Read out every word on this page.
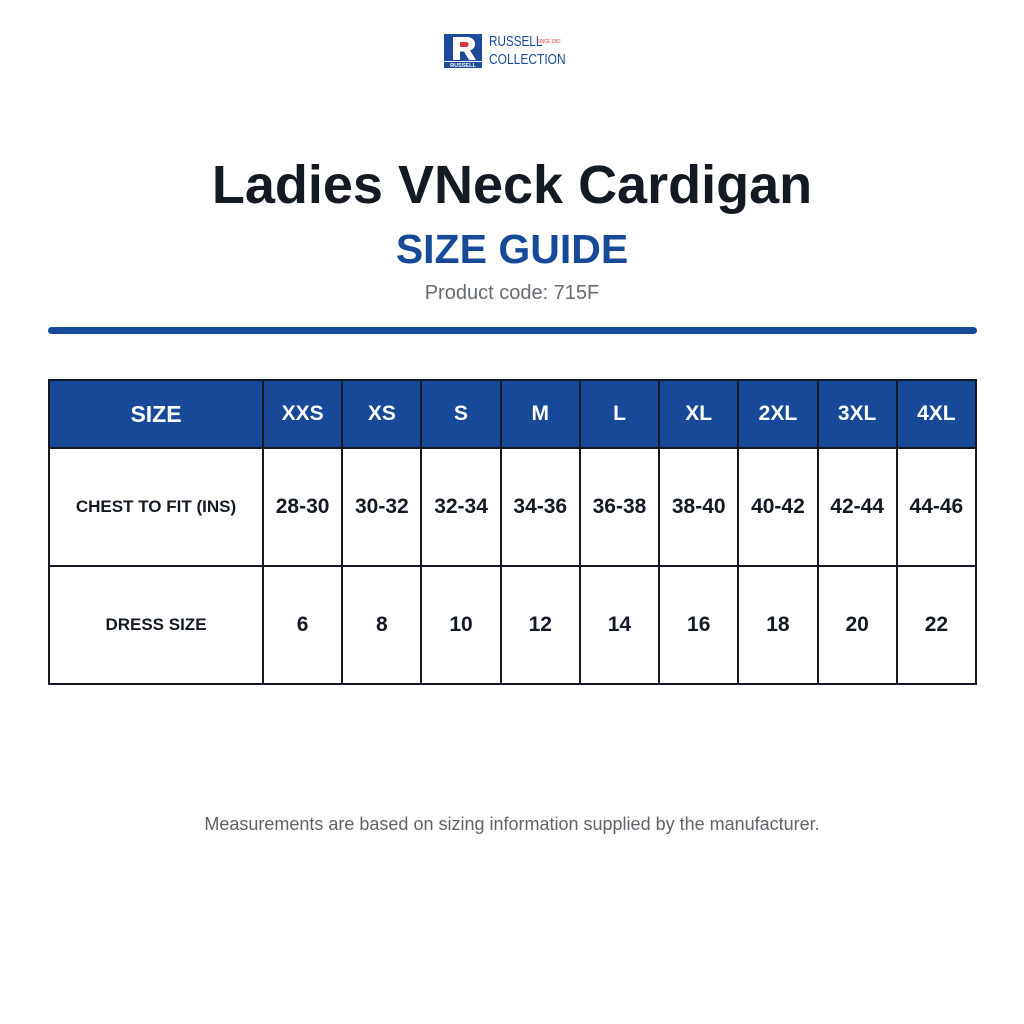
RUSSELL
RUSSELL
SINCE 1902
COLLECTION
Ladies VNeck Cardigan
SIZE GUIDE
Product code: 715F
SIZE	XXS	XS	S	M	L	XL	2XL	3XL	4XL
CHEST TO FIT (INS)	28-30	30-32	32-34	34-36	36-38	38-40	40-42	42-44	44-46
DRESS SIZE	6	8	10	12	14	16	18	20	22
Measurements are based on sizing information supplied by the manufacturer.
